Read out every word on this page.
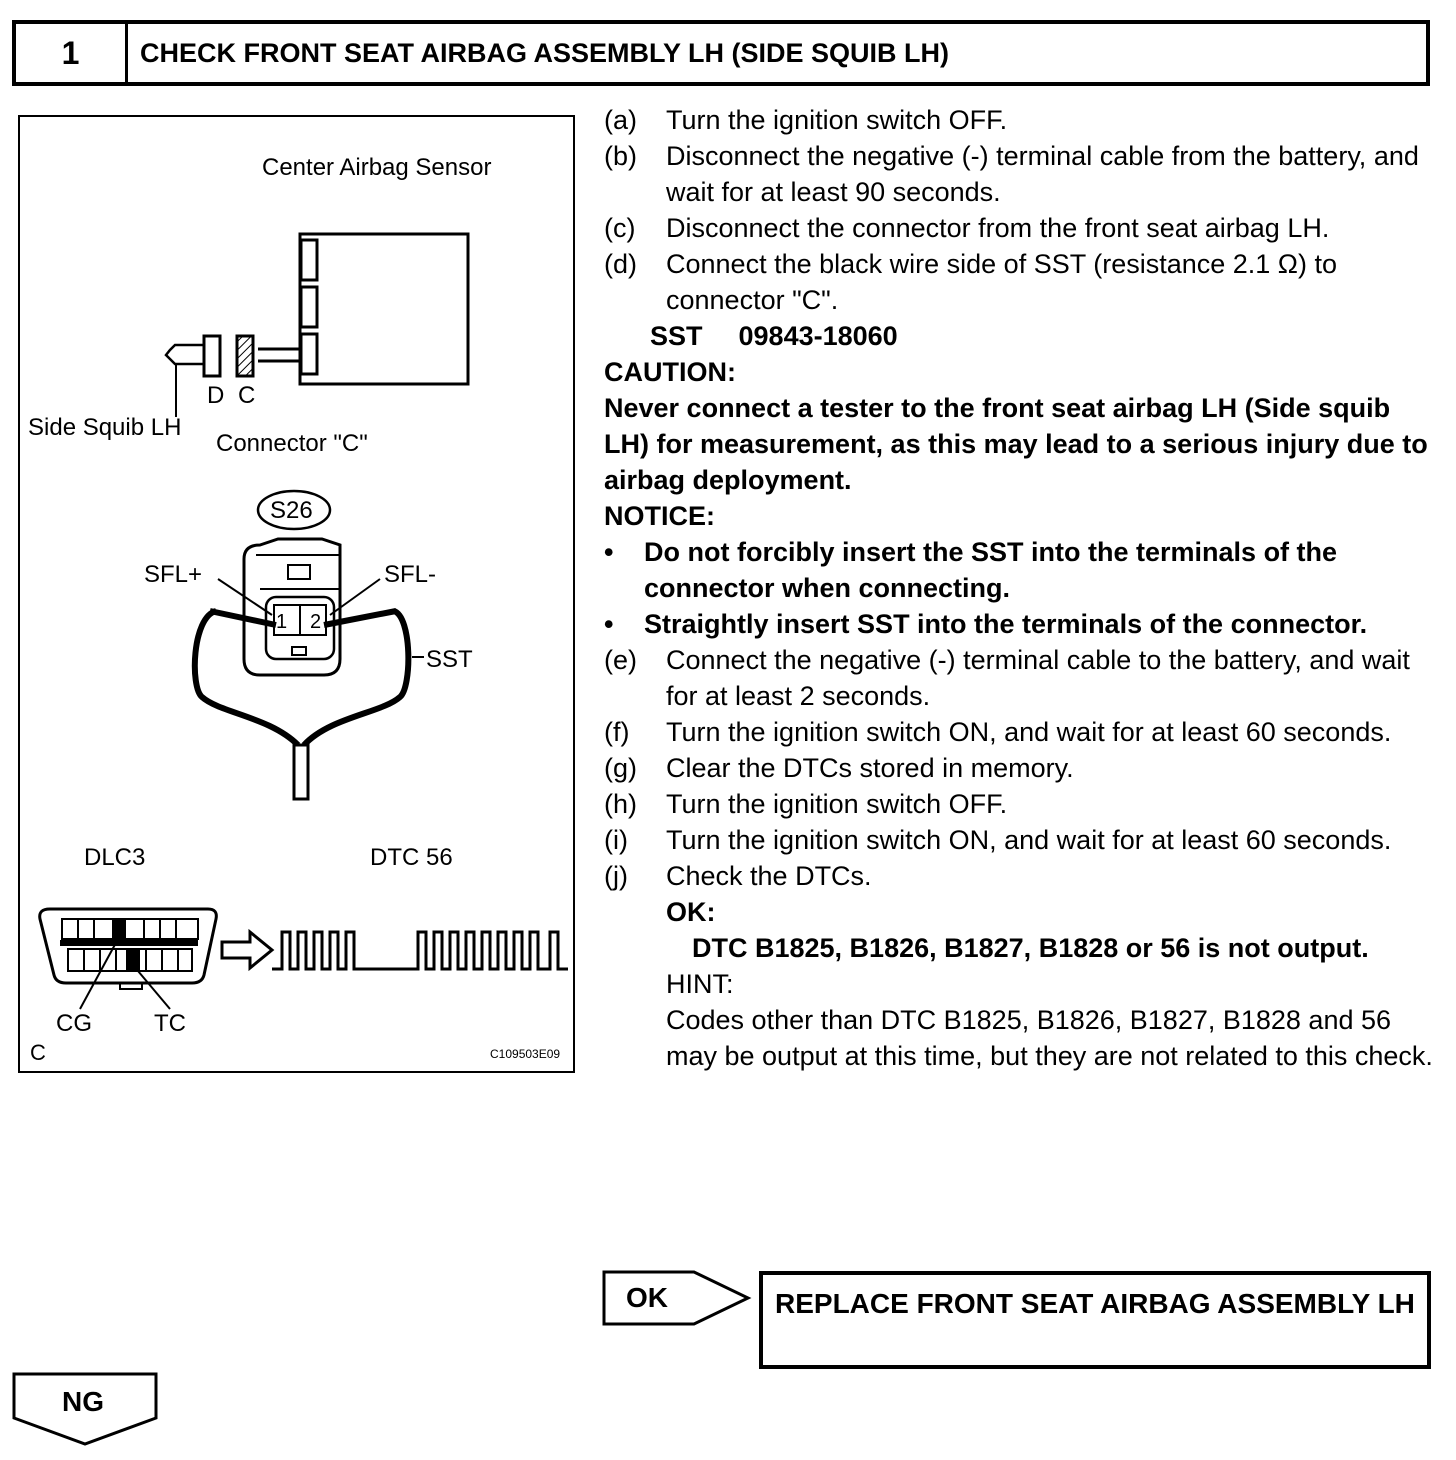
1	CHECK FRONT SEAT AIRBAG ASSEMBLY LH (SIDE SQUIB LH)
Center Airbag Sensor
D C
Side Squib LH
Connector "C"
S26
1 2
SFL+	SFL-
SST
DLC3	DTC 56
CG	TC
C	C109503E09
(a)	Turn the ignition switch OFF.
(b)	Disconnect the negative (-) terminal cable from the battery, and wait for at least 90 seconds.
(c)	Disconnect the connector from the front seat airbag LH.
(d)	Connect the black wire side of SST (resistance 2.1 Ω) to connector "C".
SST 09843-18060
CAUTION:
Never connect a tester to the front seat airbag LH (Side squib LH) for measurement, as this may lead to a serious injury due to airbag deployment.
NOTICE:
•	Do not forcibly insert the SST into the terminals of the connector when connecting.
•	Straightly insert SST into the terminals of the connector.
(e)	Connect the negative (-) terminal cable to the battery, and wait for at least 2 seconds.
(f)	Turn the ignition switch ON, and wait for at least 60 seconds.
(g)	Clear the DTCs stored in memory.
(h)	Turn the ignition switch OFF.
(i)	Turn the ignition switch ON, and wait for at least 60 seconds.
(j)	Check the DTCs.
OK:
DTC B1825, B1826, B1827, B1828 or 56 is not output.
HINT:
Codes other than DTC B1825, B1826, B1827, B1828 and 56 may be output at this time, but they are not related to this check.
OK	REPLACE FRONT SEAT AIRBAG ASSEMBLY LH
NG
